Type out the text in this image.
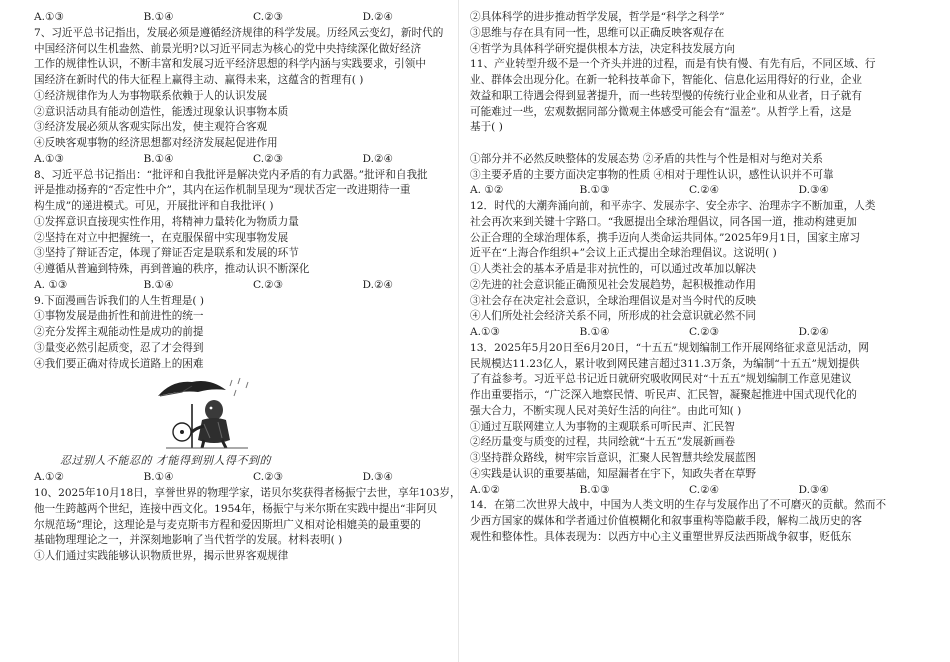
A.①③	B.①④	C.②③	D.②④
7、习近平总书记指出，发展必须是遵循经济规律的科学发展。历经风云变幻，新时代的
中国经济何以生机盎然、前景光明?以习近平同志为核心的党中央持续深化做好经济
工作的规律性认识，不断丰富和发展习近平经济思想的科学内涵与实践要求，引领中
国经济在新时代的伟大征程上赢得主动、赢得未来，这蕴含的哲理有( )
①经济规律作为人为事物联系依赖于人的认识发展
②意识活动具有能动创造性，能透过现象认识事物本质
③经济发展必须从客观实际出发，使主观符合客观
④反映客观事物的经济思想都对经济发展起促进作用
A.①③	B.①④	C.②③	D.②④
8、习近平总书记指出：“批评和自我批评是解决党内矛盾的有力武器。”批评和自我批
评是推动扬弃的“否定性中介”，其内在运作机制呈现为“现状否定一改进期待一重
构生成”的递进模式。可见，开展批评和自我批评( )
①发挥意识直接现实性作用，将精神力量转化为物质力量
②坚持在对立中把握统一，在克服保留中实现事物发展
③坚持了辩证否定，体现了辩证否定是联系和发展的环节
④遵循从普遍到特殊，再到普遍的秩序，推动认识不断深化
A. ①③	B.①④	C.②③	D.②④
9.下面漫画告诉我们的人生哲理是( )
①事物发展是曲折性和前进性的统一
②充分发挥主观能动性是成功的前提
③量变必然引起质变，忍了才会得到
④我们要正确对待成长道路上的困难
忍过别人不能忍的 才能得到别人得不到的
A.①②	B.①④	C.②③	D.③④
10、2025年10月18日，享誉世界的物理学家，诺贝尔奖获得者杨振宁去世，享年103岁，
他一生跨越两个世纪，连接中西文化。1954年，杨振宁与米尔斯在实践中提出“非阿贝
尔规范场”理论，这理论是与麦克斯韦方程和爱因斯坦广义相对论相媲美的最重要的
基础物理理论之一，并深刻地影响了当代哲学的发展。材料表明( )
①人们通过实践能够认识物质世界，揭示世界客观规律
②具体科学的进步推动哲学发展，哲学是“科学之科学”
③思维与存在具有同一性，思维可以正确反映客观存在
④哲学为具体科学研究提供根本方法，决定科技发展方向
11、产业转型升级不是一个齐头并进的过程，而是有快有慢、有先有后，不同区域、行
业、群体会出现分化。在新一轮科技革命下，智能化、信息化运用得好的行业，企业
效益和职工待遇会得到显著提升，而一些转型慢的传统行业企业和从业者，日子就有
可能难过一些，宏观数据同部分微观主体感受可能会有“温差”。从哲学上看，这是
基于( )
①部分并不必然反映整体的发展态势 ②矛盾的共性与个性是相对与绝对关系
③主要矛盾的主要方面决定事物的性质 ④相对于理性认识，感性认识并不可靠
A. ①②	B.①③	C.②④	D.③④
12．时代的大潮奔涌向前，和平赤字、发展赤字、安全赤字、治理赤字不断加重，人类
社会再次来到关键十字路口。“我愿提出全球治理倡议，同各国一道，推动构建更加
公正合理的全球治理体系，携手迈向人类命运共同体。”2025年9月1日，国家主席习
近平在“上海合作组织+”会议上正式提出全球治理倡议。这说明( )
①人类社会的基本矛盾是非对抗性的，可以通过改革加以解决
②先进的社会意识能正确预见社会发展趋势，起积极推动作用
③社会存在决定社会意识，全球治理倡议是对当今时代的反映
④人们所处社会经济关系不同，所形成的社会意识就必然不同
A.①③	B.①④	C.②③	D.②④
13．2025年5月20日至6月20日，“十五五”规划编制工作开展网络征求意见活动，网
民规模达11.23亿人，累计收到网民建言超过311.3万条，为编制“十五五”规划提供
了有益参考。习近平总书记近日就研究吸收网民对“十五五”规划编制工作意见建议
作出重要指示，“广泛深入地察民情、听民声、汇民智，凝聚起推进中国式现代化的
强大合力，不断实现人民对美好生活的向往”。由此可知( )
①通过互联网建立人为事物的主观联系可听民声、汇民智
②经历量变与质变的过程，共同绘就“十五五”发展新画卷
③坚持群众路线，树牢宗旨意识，汇聚人民智慧共绘发展蓝图
④实践是认识的重要基础，知屋漏者在宇下，知政失者在草野
A.①②	B.①③	C.②④	D.③④
14．在第二次世界大战中，中国为人类文明的生存与发展作出了不可磨灭的贡献。然而不
少西方国家的媒体和学者通过价值模糊化和叙事重构等隐蔽手段，解构二战历史的客
观性和整体性。具体表现为：以西方中心主义重塑世界反法西斯战争叙事，贬低东
